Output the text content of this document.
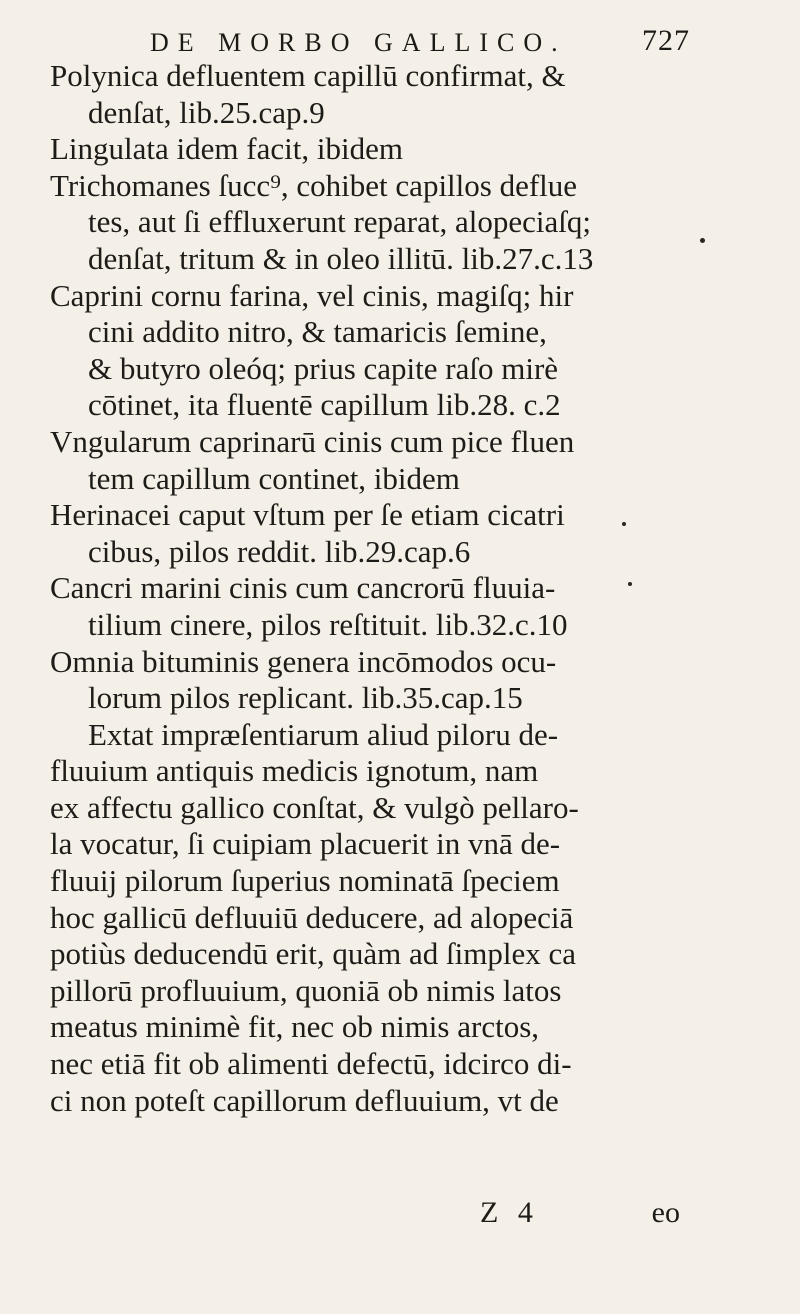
DE MORBO GALLICO.	727
Polynica defluentem capillū confirmat, &
denſat, lib.25.cap.9
Lingulata idem facit, ibidem
Trichomanes ſucc⁹, cohibet capillos deflue
tes, aut ſi effluxerunt reparat, alopeciaſq;
denſat, tritum & in oleo illitū. lib.27.c.13
Caprini cornu farina, vel cinis, magiſq; hir
cini addito nitro, & tamaricis ſemine,
& butyro oleóq; prius capite raſo mirè
cōtinet, ita fluentē capillum lib.28. c.2
Vngularum caprinarū cinis cum pice fluen
tem capillum continet, ibidem
Herinacei caput vſtum per ſe etiam cicatri
cibus, pilos reddit. lib.29.cap.6
Cancri marini cinis cum cancrorū fluuia-
tilium cinere, pilos reſtituit. lib.32.c.10
Omnia bituminis genera incōmodos ocu-
lorum pilos replicant. lib.35.cap.15
Extat impræſentiarum aliud piloru de-
fluuium antiquis medicis ignotum, nam
ex affectu gallico conſtat, & vulgò pellaro-
la vocatur, ſi cuipiam placuerit in vnā de-
fluuij pilorum ſuperius nominatā ſpeciem
hoc gallicū defluuiū deducere, ad alopeciā
potiùs deducendū erit, quàm ad ſimplex ca
pillorū profluuium, quoniā ob nimis latos
meatus minimè fit, nec ob nimis arctos,
nec etiā fit ob alimenti defectū, idcirco di-
ci non poteſt capillorum defluuium, vt de
Z 4	eo
